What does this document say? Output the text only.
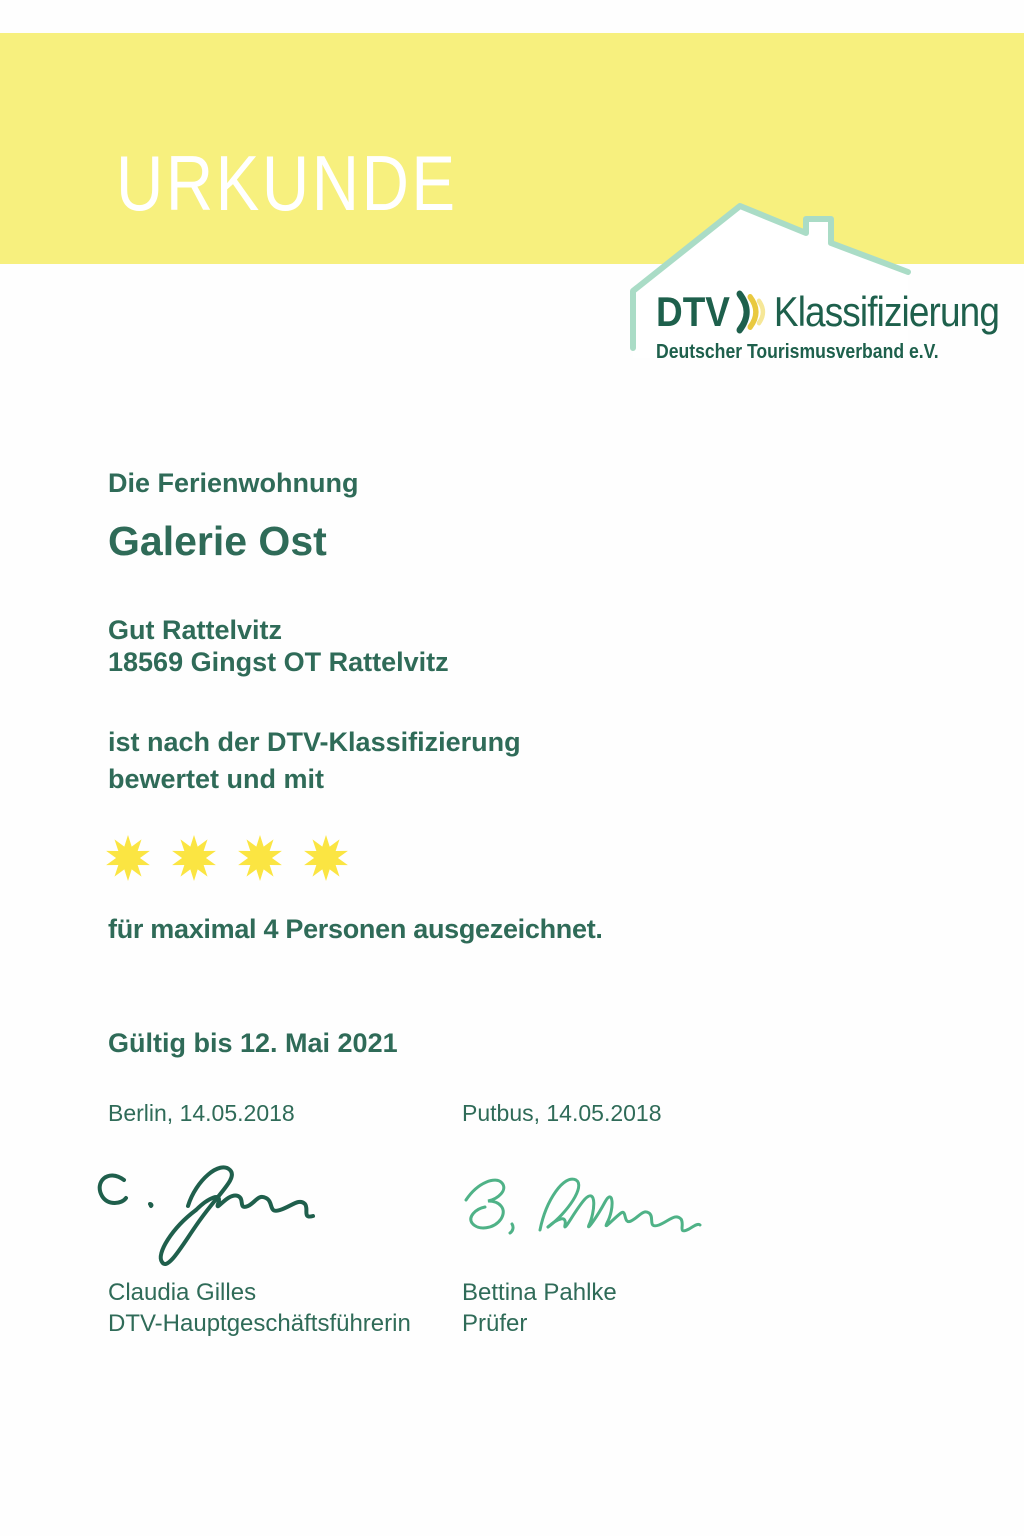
URKUNDE
DTV Klassifizierung
Deutscher Tourismusverband e.V.
Die Ferienwohnung
Galerie Ost
Gut Rattelvitz
18569 Gingst OT Rattelvitz
ist nach der DTV-Klassifizierung
bewertet und mit
für maximal 4 Personen ausgezeichnet.
Gültig bis 12. Mai 2021
Berlin, 14.05.2018	Putbus, 14.05.2018
Claudia Gilles
DTV-Hauptgeschäftsführerin
Bettina Pahlke
Prüfer
